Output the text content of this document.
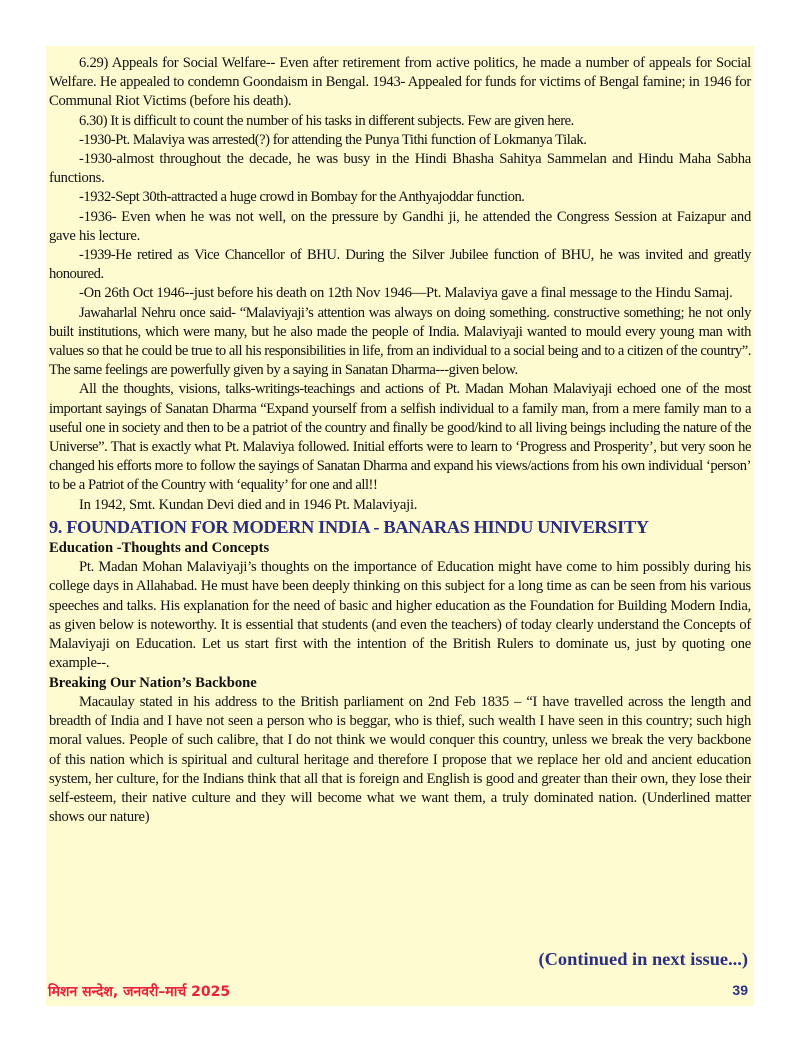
6.29) Appeals for Social Welfare-- Even after retirement from active politics, he made a number of appeals for Social Welfare. He appealed to condemn Goondaism in Bengal. 1943- Appealed for funds for victims of Bengal famine; in 1946 for Communal Riot Victims (before his death).

6.30) It is difficult to count the number of his tasks in different subjects. Few are given here.

-1930-Pt. Malaviya was arrested(?) for attending the Punya Tithi function of Lokmanya Tilak.

-1930-almost throughout the decade, he was busy in the Hindi Bhasha Sahitya Sammelan and Hindu Maha Sabha functions.

-1932-Sept 30th-attracted a huge crowd in Bombay for the Anthyajoddar function.

-1936- Even when he was not well, on the pressure by Gandhi ji, he attended the Congress Session at Faizapur and gave his lecture.

-1939-He retired as Vice Chancellor of BHU. During the Silver Jubilee function of BHU, he was invited and greatly honoured.

-On 26th Oct 1946--just before his death on 12th Nov 1946—Pt. Malaviya gave a final message to the Hindu Samaj.

Jawaharlal Nehru once said- “Malaviyaji’s attention was always on doing something. constructive something; he not only built institutions, which were many, but he also made the people of India. Malaviyaji wanted to mould every young man with values so that he could be true to all his responsibilities in life, from an individual to a social being and to a citizen of the country”. The same feelings are powerfully given by a saying in Sanatan Dharma---given below.

All the thoughts, visions, talks-writings-teachings and actions of Pt. Madan Mohan Malaviyaji echoed one of the most important sayings of Sanatan Dharma “Expand yourself from a selfish individual to a family man, from a mere family man to a useful one in society and then to be a patriot of the country and finally be good/kind to all living beings including the nature of the Universe”. That is exactly what Pt. Malaviya followed. Initial efforts were to learn to ‘Progress and Prosperity’, but very soon he changed his efforts more to follow the sayings of Sanatan Dharma and expand his views/actions from his own individual ‘person’ to be a Patriot of the Country with ‘equality’ for one and all!!

In 1942, Smt. Kundan Devi died and in 1946 Pt. Malaviyaji.

9. FOUNDATION FOR MODERN INDIA - BANARAS HINDU UNIVERSITY
Education -Thoughts and Concepts

Pt. Madan Mohan Malaviyaji’s thoughts on the importance of Education might have come to him possibly during his college days in Allahabad. He must have been deeply thinking on this subject for a long time as can be seen from his various speeches and talks. His explanation for the need of basic and higher education as the Foundation for Building Modern India, as given below is noteworthy. It is essential that students (and even the teachers) of today clearly understand the Concepts of Malaviyaji on Education. Let us start first with the intention of the British Rulers to dominate us, just by quoting one example--.

Breaking Our Nation’s Backbone

Macaulay stated in his address to the British parliament on 2nd Feb 1835 – “I have travelled across the length and breadth of India and I have not seen a person who is beggar, who is thief, such wealth I have seen in this country; such high moral values. People of such calibre, that I do not think we would conquer this country, unless we break the very backbone of this nation which is spiritual and cultural heritage and therefore I propose that we replace her old and ancient education system, her culture, for the Indians think that all that is foreign and English is good and greater than their own, they lose their self-esteem, their native culture and they will become what we want them, a truly dominated nation. (Underlined matter shows our nature)

(Continued in next issue...)
मिशन सन्देश, जनवरी–मार्च 2025	39
